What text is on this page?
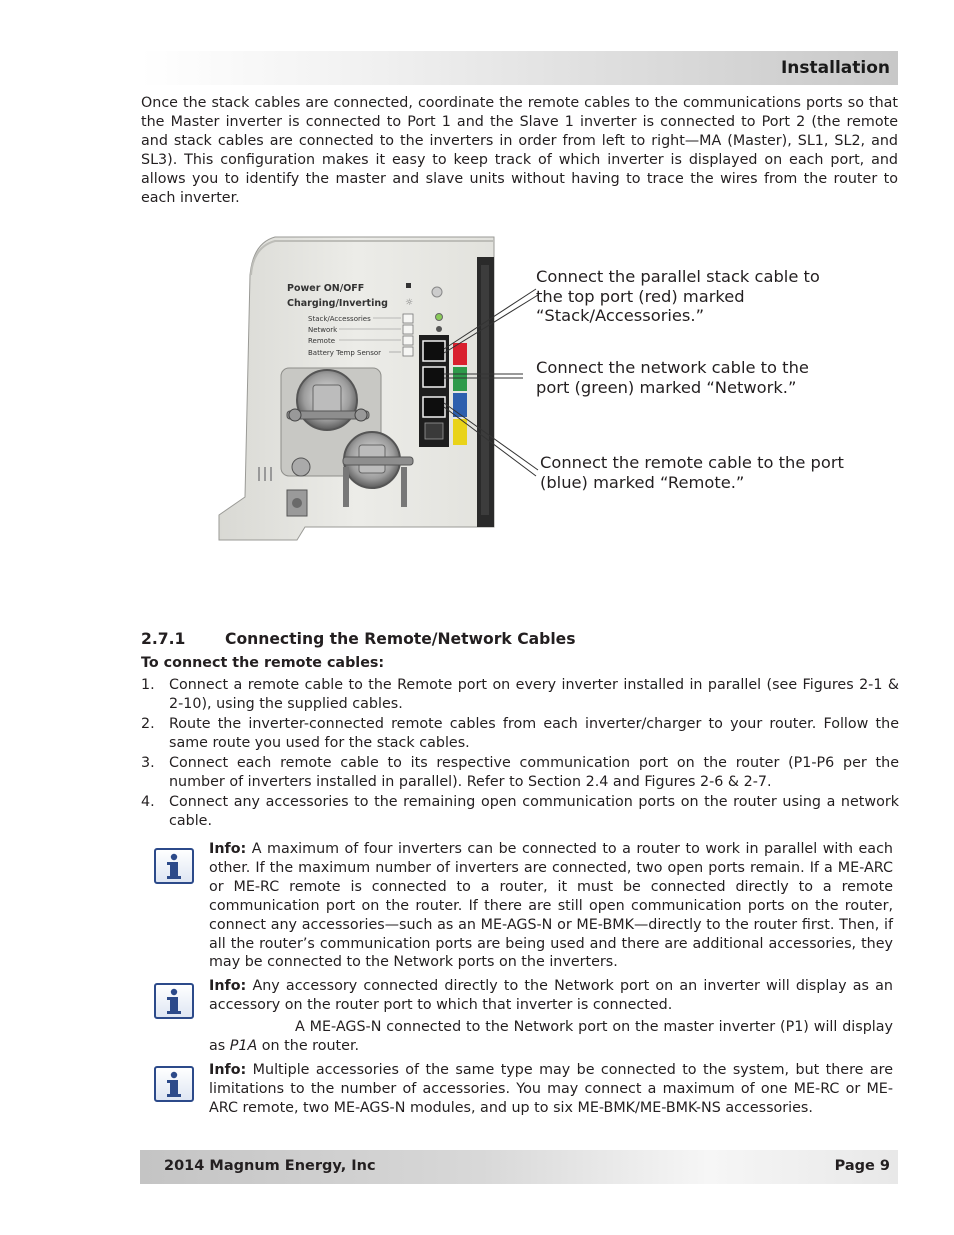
Installation

Once the stack cables are connected, coordinate the remote cables to the communications ports so that the Master inverter is connected to Port 1 and the Slave 1 inverter is connected to Port 2 (the remote and stack cables are connected to the inverters in order from left to right—MA (Master), SL1, SL2, and SL3). This configuration makes it easy to keep track of which inverter is displayed on each port, and allows you to identify the master and slave units without having to trace the wires from the router to each inverter.

Power ON/OFF
Charging/Inverting ☼
Stack/Accessories
Network
Remote
Battery Temp Sensor

Connect the parallel stack cable to the top port (red) marked “Stack/Accessories.”

Connect the network cable to the port (green) marked “Network.”

Connect the remote cable to the port (blue) marked “Remote.”

2.7.1	Connecting the Remote/Network Cables

To connect the remote cables:

1. Connect a remote cable to the Remote port on every inverter installed in parallel (see Figures 2-1 & 2-10), using the supplied cables.
2. Route the inverter-connected remote cables from each inverter/charger to your router. Follow the same route you used for the stack cables.
3. Connect each remote cable to its respective communication port on the router (P1-P6 per the number of inverters installed in parallel). Refer to Section 2.4 and Figures 2-6 & 2-7.
4. Connect any accessories to the remaining open communication ports on the router using a network cable.

Info: A maximum of four inverters can be connected to a router to work in parallel with each other. If the maximum number of inverters are connected, two open ports remain. If a ME-ARC or ME-RC remote is connected to a router, it must be connected directly to a remote communication port on the router. If there are still open communication ports on the router, connect any accessories—such as an ME-AGS-N or ME-BMK—directly to the router first. Then, if all the router’s communication ports are being used and there are additional accessories, they may be connected to the Network ports on the inverters.

Info: Any accessory connected directly to the Network port on an inverter will display as an accessory on the router port to which that inverter is connected.

A ME-AGS-N connected to the Network port on the master inverter (P1) will display as P1A on the router.

Info: Multiple accessories of the same type may be connected to the system, but there are limitations to the number of accessories. You may connect a maximum of one ME-RC or ME-ARC remote, two ME-AGS-N modules, and up to six ME-BMK/ME-BMK-NS accessories.

2014 Magnum Energy, Inc	Page 9
